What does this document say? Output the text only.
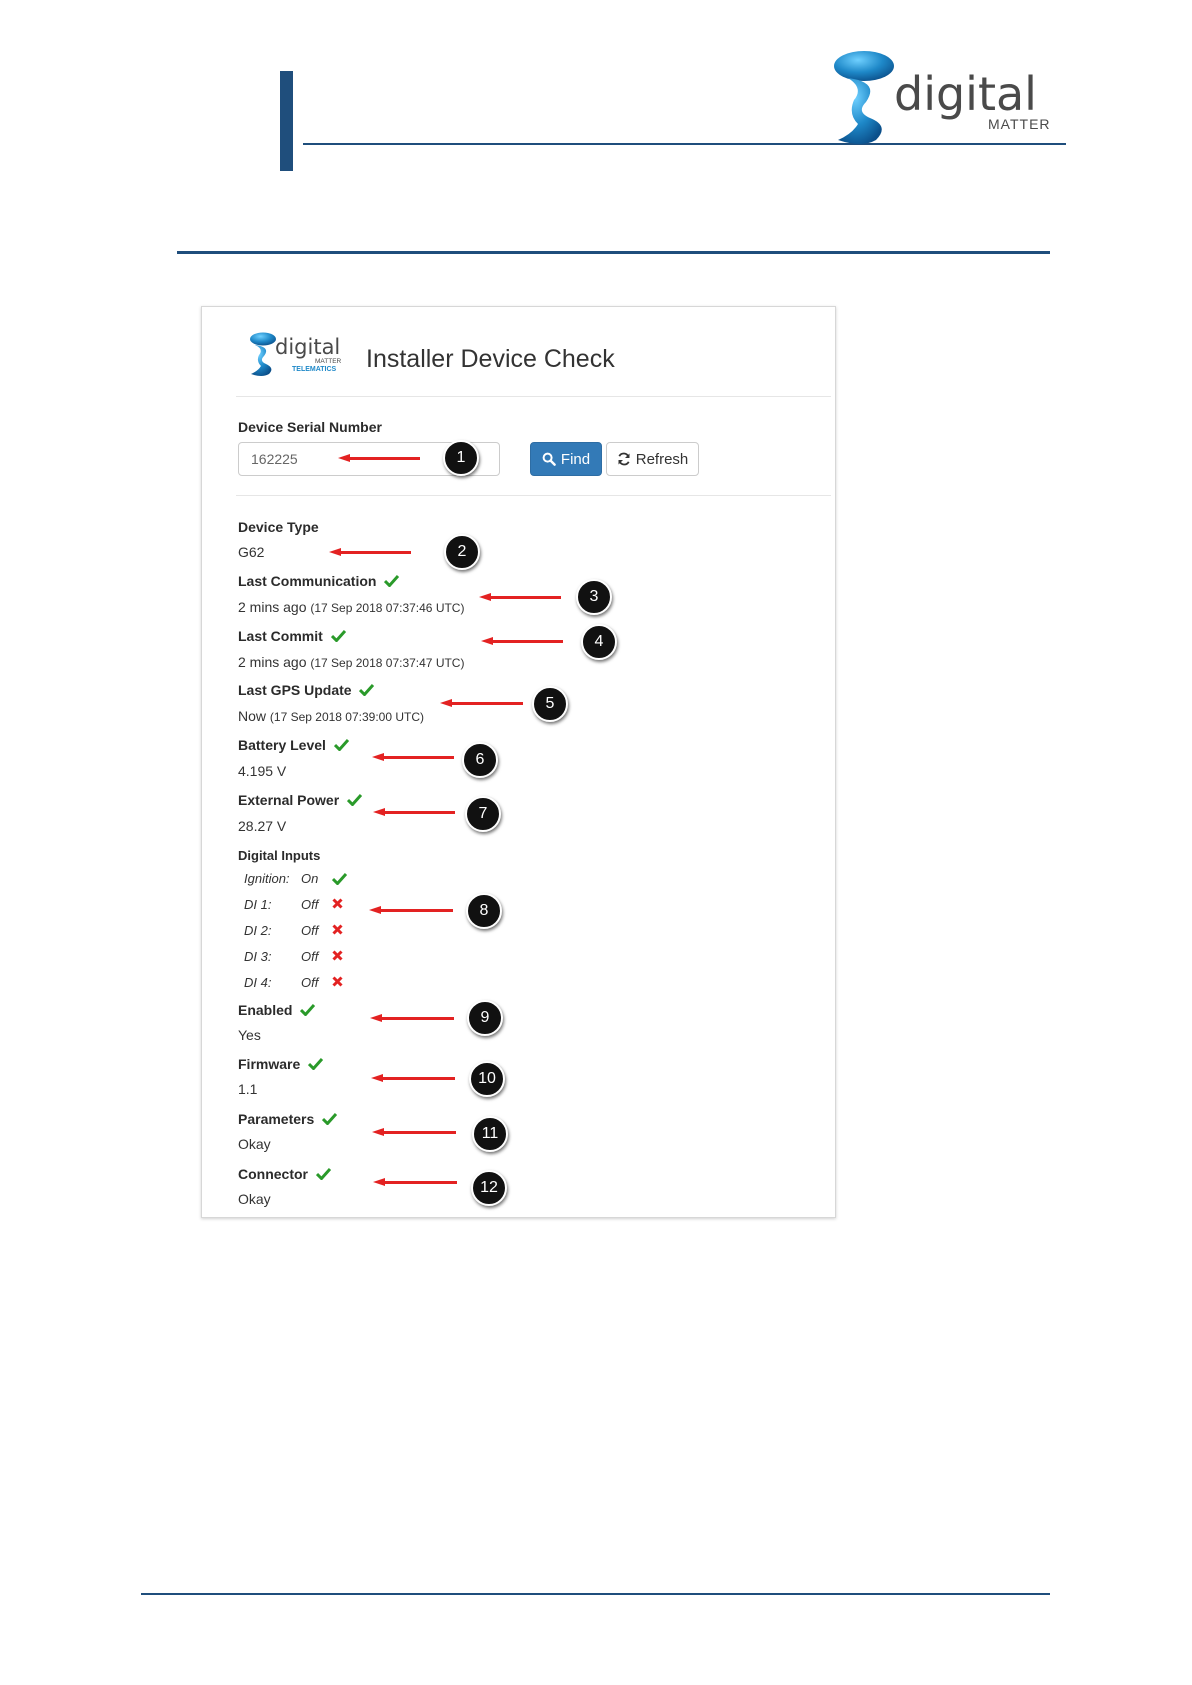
digital
MATTER
digital
MATTER
TELEMATICS Installer Device Check
Device Serial Number
162225
Find	Refresh
Device Type
G62
Last Communication
2 mins ago (17 Sep 2018 07:37:46 UTC)
Last Commit
2 mins ago (17 Sep 2018 07:37:47 UTC)
Last GPS Update
Now (17 Sep 2018 07:39:00 UTC)
Battery Level
4.195 V
External Power
28.27 V
Digital Inputs
Ignition: On
DI 1: Off
DI 2: Off
DI 3: Off
DI 4: Off
Enabled
Yes
Firmware
1.1
Parameters
Okay
Connector
Okay
1
2
3
4
5
6
7
8
9
10
11
12
